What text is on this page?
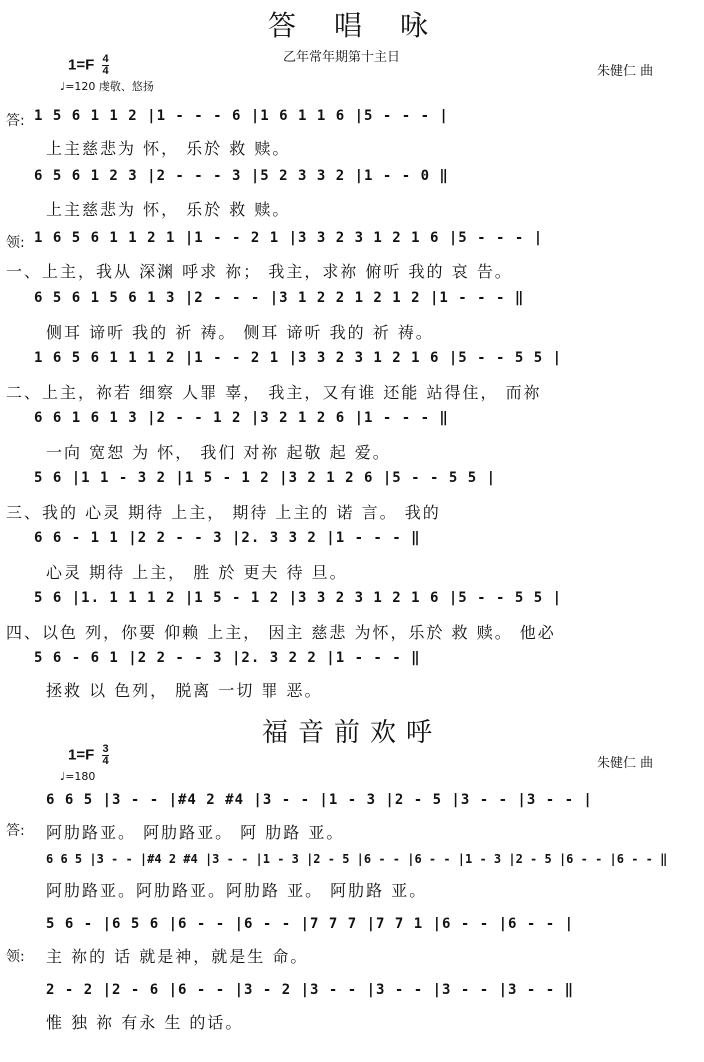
答唱咏
乙年常年期第十主日
$1=F \frac{4}{4}$
♩=120 虔敬、悠扬
朱健仁 曲
答: 1 5 6 1 1 2 |1 - - - 6 |1 6 1 1 6 |5 - - - |
上主慈悲为 怀， 乐於 救 赎。
6 5 6 1 2 3 |2 - - - 3 |5 2 3 3 2 |1 - - 0 ‖
上主慈悲为 怀， 乐於 救 赎。
领: 1 6 5 6 1 1 2 1 |1 - - 2 1 |3 3 2 3 1 2 1 6 |5 - - - |
一、上主，我从 深渊 呼求 祢； 我主，求祢 俯听 我的 哀 告。
6 5 6 1 5 6 1 3 |2 - - - |3 1 2 2 1 2 1 2 |1 - - - ‖
侧耳 谛听 我的 祈 祷。 侧耳 谛听 我的 祈 祷。
1 6 5 6 1 1 1 2 |1 - - 2 1 |3 3 2 3 1 2 1 6 |5 - - 5 5 |
二、上主，祢若 细察 人罪 辜， 我主，又有谁 还能 站得住， 而祢
6 6 1 6 1 3 |2 - - 1 2 |3 2 1 2 6 |1 - - - ‖
一向 宽恕 为 怀， 我们 对祢 起敬 起 爱。
5 6 |1 1 - 3 2 |1 5 - 1 2 |3 2 1 2 6 |5 - - 5 5 |
三、我的 心灵 期待 上主， 期待 上主的 诺 言。 我的
6 6 - 1 1 |2 2 - - 3 |2. 3 3 2 |1 - - - ‖
心灵 期待 上主， 胜 於 更夫 待 旦。
5 6 |1. 1 1 1 2 |1 5 - 1 2 |3 3 2 3 1 2 1 6 |5 - - 5 5 |
四、以色 列，你要 仰赖 上主， 因主 慈悲 为怀，乐於 救 赎。 他必
5 6 - 6 1 |2 2 - - 3 |2. 3 2 2 |1 - - - ‖
拯救 以 色列， 脱离 一切 罪 恶。
福音前欢呼
$1=F \frac{3}{4}$
♩=180
朱健仁 曲
6 6 5 |3 - - |#4 2 #4 |3 - - |1 - 3 |2 - 5 |3 - - |3 - - |
答: 阿肋路亚。 阿肋路亚。 阿 肋路 亚。
6 6 5 |3 - - |#4 2 #4 |3 - - |1 - 3 |2 - 5 |6 - - |6 - - |1 - 3 |2 - 5 |6 - - |6 - - ‖
阿肋路亚。阿肋路亚。阿肋路 亚。 阿肋路 亚。
领:
5 6 - |6 5 6 |6 - - |6 - - |7 7 7 |7 7 1 |6 - - |6 - - |
主 祢的 话 就是神，就是生 命。
2 - 2 |2 - 6 |6 - - |3 - 2 |3 - - |3 - - |3 - - |3 - - ‖
惟 独 祢 有永 生 的话。
